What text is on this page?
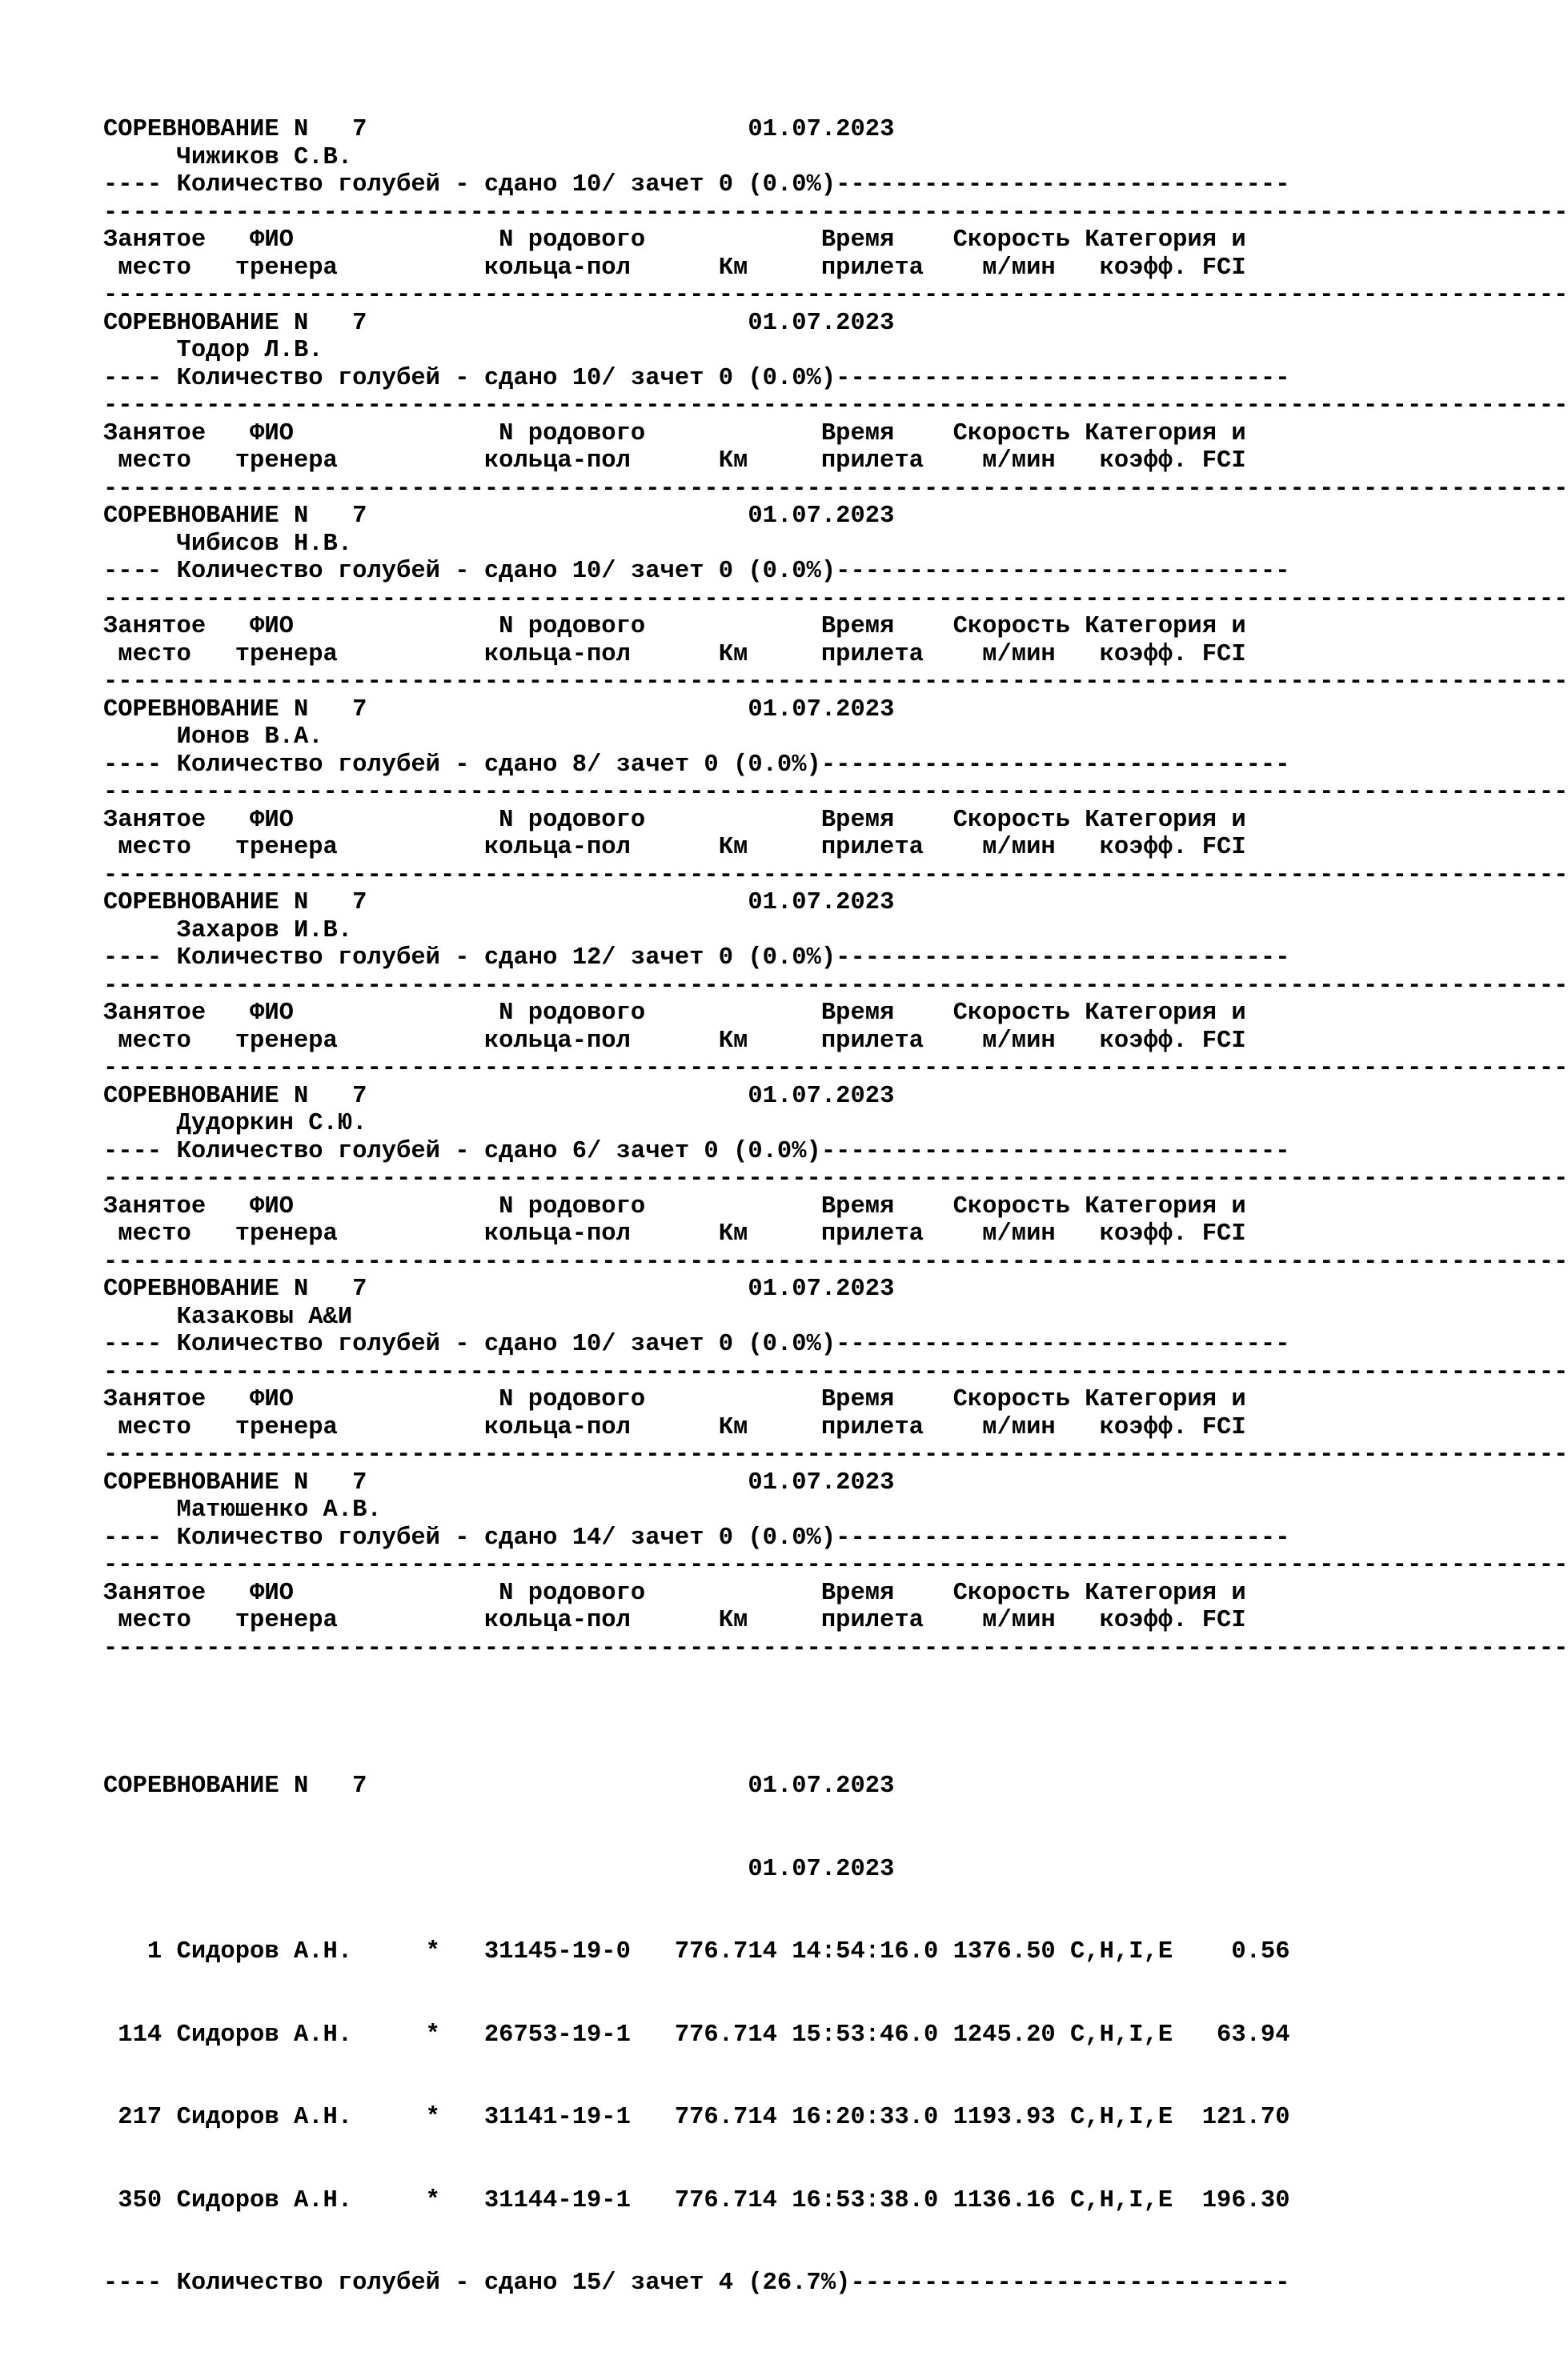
СОРЕВНОВАНИЕ N   7	01.07.2023
Чижиков С.В.
---- Количество голубей - сдано 10/ зачет 0 (0.0%)-------------------------------
----------------------------------------------------------------------------------------------------
Занятое   ФИО              N родового            Время    Скорость Категория и
место   тренера          кольца-пол      Км     прилета    м/мин   коэфф. FCI
----------------------------------------------------------------------------------------------------
СОРЕВНОВАНИЕ N   7	01.07.2023
Тодор Л.В.
---- Количество голубей - сдано 10/ зачет 0 (0.0%)-------------------------------
----------------------------------------------------------------------------------------------------
Занятое   ФИО              N родового            Время    Скорость Категория и
место   тренера          кольца-пол      Км     прилета    м/мин   коэфф. FCI
----------------------------------------------------------------------------------------------------
СОРЕВНОВАНИЕ N   7	01.07.2023
Чибисов Н.В.
---- Количество голубей - сдано 10/ зачет 0 (0.0%)-------------------------------
----------------------------------------------------------------------------------------------------
Занятое   ФИО              N родового            Время    Скорость Категория и
место   тренера          кольца-пол      Км     прилета    м/мин   коэфф. FCI
----------------------------------------------------------------------------------------------------
СОРЕВНОВАНИЕ N   7	01.07.2023
Ионов В.А.
---- Количество голубей - сдано 8/ зачет 0 (0.0%)--------------------------------
----------------------------------------------------------------------------------------------------
Занятое   ФИО              N родового            Время    Скорость Категория и
место   тренера          кольца-пол      Км     прилета    м/мин   коэфф. FCI
----------------------------------------------------------------------------------------------------
СОРЕВНОВАНИЕ N   7	01.07.2023
Захаров И.В.
---- Количество голубей - сдано 12/ зачет 0 (0.0%)-------------------------------
----------------------------------------------------------------------------------------------------
Занятое   ФИО              N родового            Время    Скорость Категория и
место   тренера          кольца-пол      Км     прилета    м/мин   коэфф. FCI
----------------------------------------------------------------------------------------------------
СОРЕВНОВАНИЕ N   7	01.07.2023
Дудоркин С.Ю.
---- Количество голубей - сдано 6/ зачет 0 (0.0%)--------------------------------
----------------------------------------------------------------------------------------------------
Занятое   ФИО              N родового            Время    Скорость Категория и
место   тренера          кольца-пол      Км     прилета    м/мин   коэфф. FCI
----------------------------------------------------------------------------------------------------
СОРЕВНОВАНИЕ N   7	01.07.2023
Казаковы А&И
---- Количество голубей - сдано 10/ зачет 0 (0.0%)-------------------------------
----------------------------------------------------------------------------------------------------
Занятое   ФИО              N родового            Время    Скорость Категория и
место   тренера          кольца-пол      Км     прилета    м/мин   коэфф. FCI
----------------------------------------------------------------------------------------------------
СОРЕВНОВАНИЕ N   7	01.07.2023
Матюшенко А.В.
---- Количество голубей - сдано 14/ зачет 0 (0.0%)-------------------------------
----------------------------------------------------------------------------------------------------
Занятое   ФИО              N родового            Время    Скорость Категория и
место   тренера          кольца-пол      Км     прилета    м/мин   коэфф. FCI
----------------------------------------------------------------------------------------------------

СОРЕВНОВАНИЕ N   7	01.07.2023

01.07.2023

1 Сидоров А.Н.     *   31145-19-0   776.714 14:54:16.0 1376.50 C,H,I,E    0.56

114 Сидоров А.Н.     *   26753-19-1   776.714 15:53:46.0 1245.20 C,H,I,E   63.94

217 Сидоров А.Н.     *   31141-19-1   776.714 16:20:33.0 1193.93 C,H,I,E  121.70

350 Сидоров А.Н.     *   31144-19-1   776.714 16:53:38.0 1136.16 C,H,I,E  196.30

---- Количество голубей - сдано 15/ зачет 4 (26.7%)------------------------------
